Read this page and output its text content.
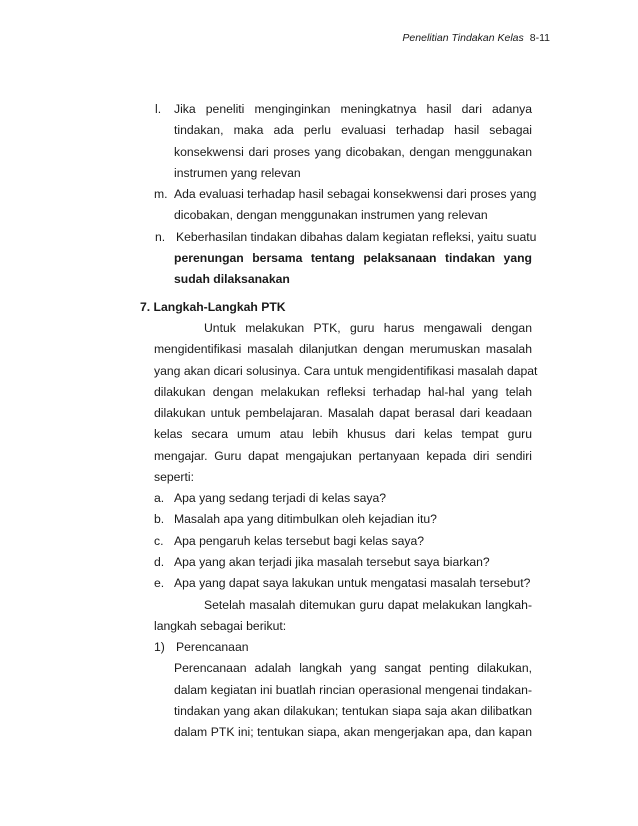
Penelitian Tindakan Kelas 8-11
l. Jika peneliti menginginkan meningkatnya hasil dari adanya
tindakan, maka ada perlu evaluasi terhadap hasil sebagai
konsekwensi dari proses yang dicobakan, dengan menggunakan
instrumen yang relevan
m. Ada evaluasi terhadap hasil sebagai konsekwensi dari proses yang
dicobakan, dengan menggunakan instrumen yang relevan
n. Keberhasilan tindakan dibahas dalam kegiatan refleksi, yaitu suatu
perenungan bersama tentang pelaksanaan tindakan yang
sudah dilaksanakan
7. Langkah-Langkah PTK
Untuk melakukan PTK, guru harus mengawali dengan
mengidentifikasi masalah dilanjutkan dengan merumuskan masalah
yang akan dicari solusinya. Cara untuk mengidentifikasi masalah dapat
dilakukan dengan melakukan refleksi terhadap hal-hal yang telah
dilakukan untuk pembelajaran. Masalah dapat berasal dari keadaan
kelas secara umum atau lebih khusus dari kelas tempat guru
mengajar. Guru dapat mengajukan pertanyaan kepada diri sendiri
seperti:
a. Apa yang sedang terjadi di kelas saya?
b. Masalah apa yang ditimbulkan oleh kejadian itu?
c. Apa pengaruh kelas tersebut bagi kelas saya?
d. Apa yang akan terjadi jika masalah tersebut saya biarkan?
e. Apa yang dapat saya lakukan untuk mengatasi masalah tersebut?
Setelah masalah ditemukan guru dapat melakukan langkah-
langkah sebagai berikut:
1) Perencanaan
Perencanaan adalah langkah yang sangat penting dilakukan,
dalam kegiatan ini buatlah rincian operasional mengenai tindakan-
tindakan yang akan dilakukan; tentukan siapa saja akan dilibatkan
dalam PTK ini; tentukan siapa, akan mengerjakan apa, dan kapan
